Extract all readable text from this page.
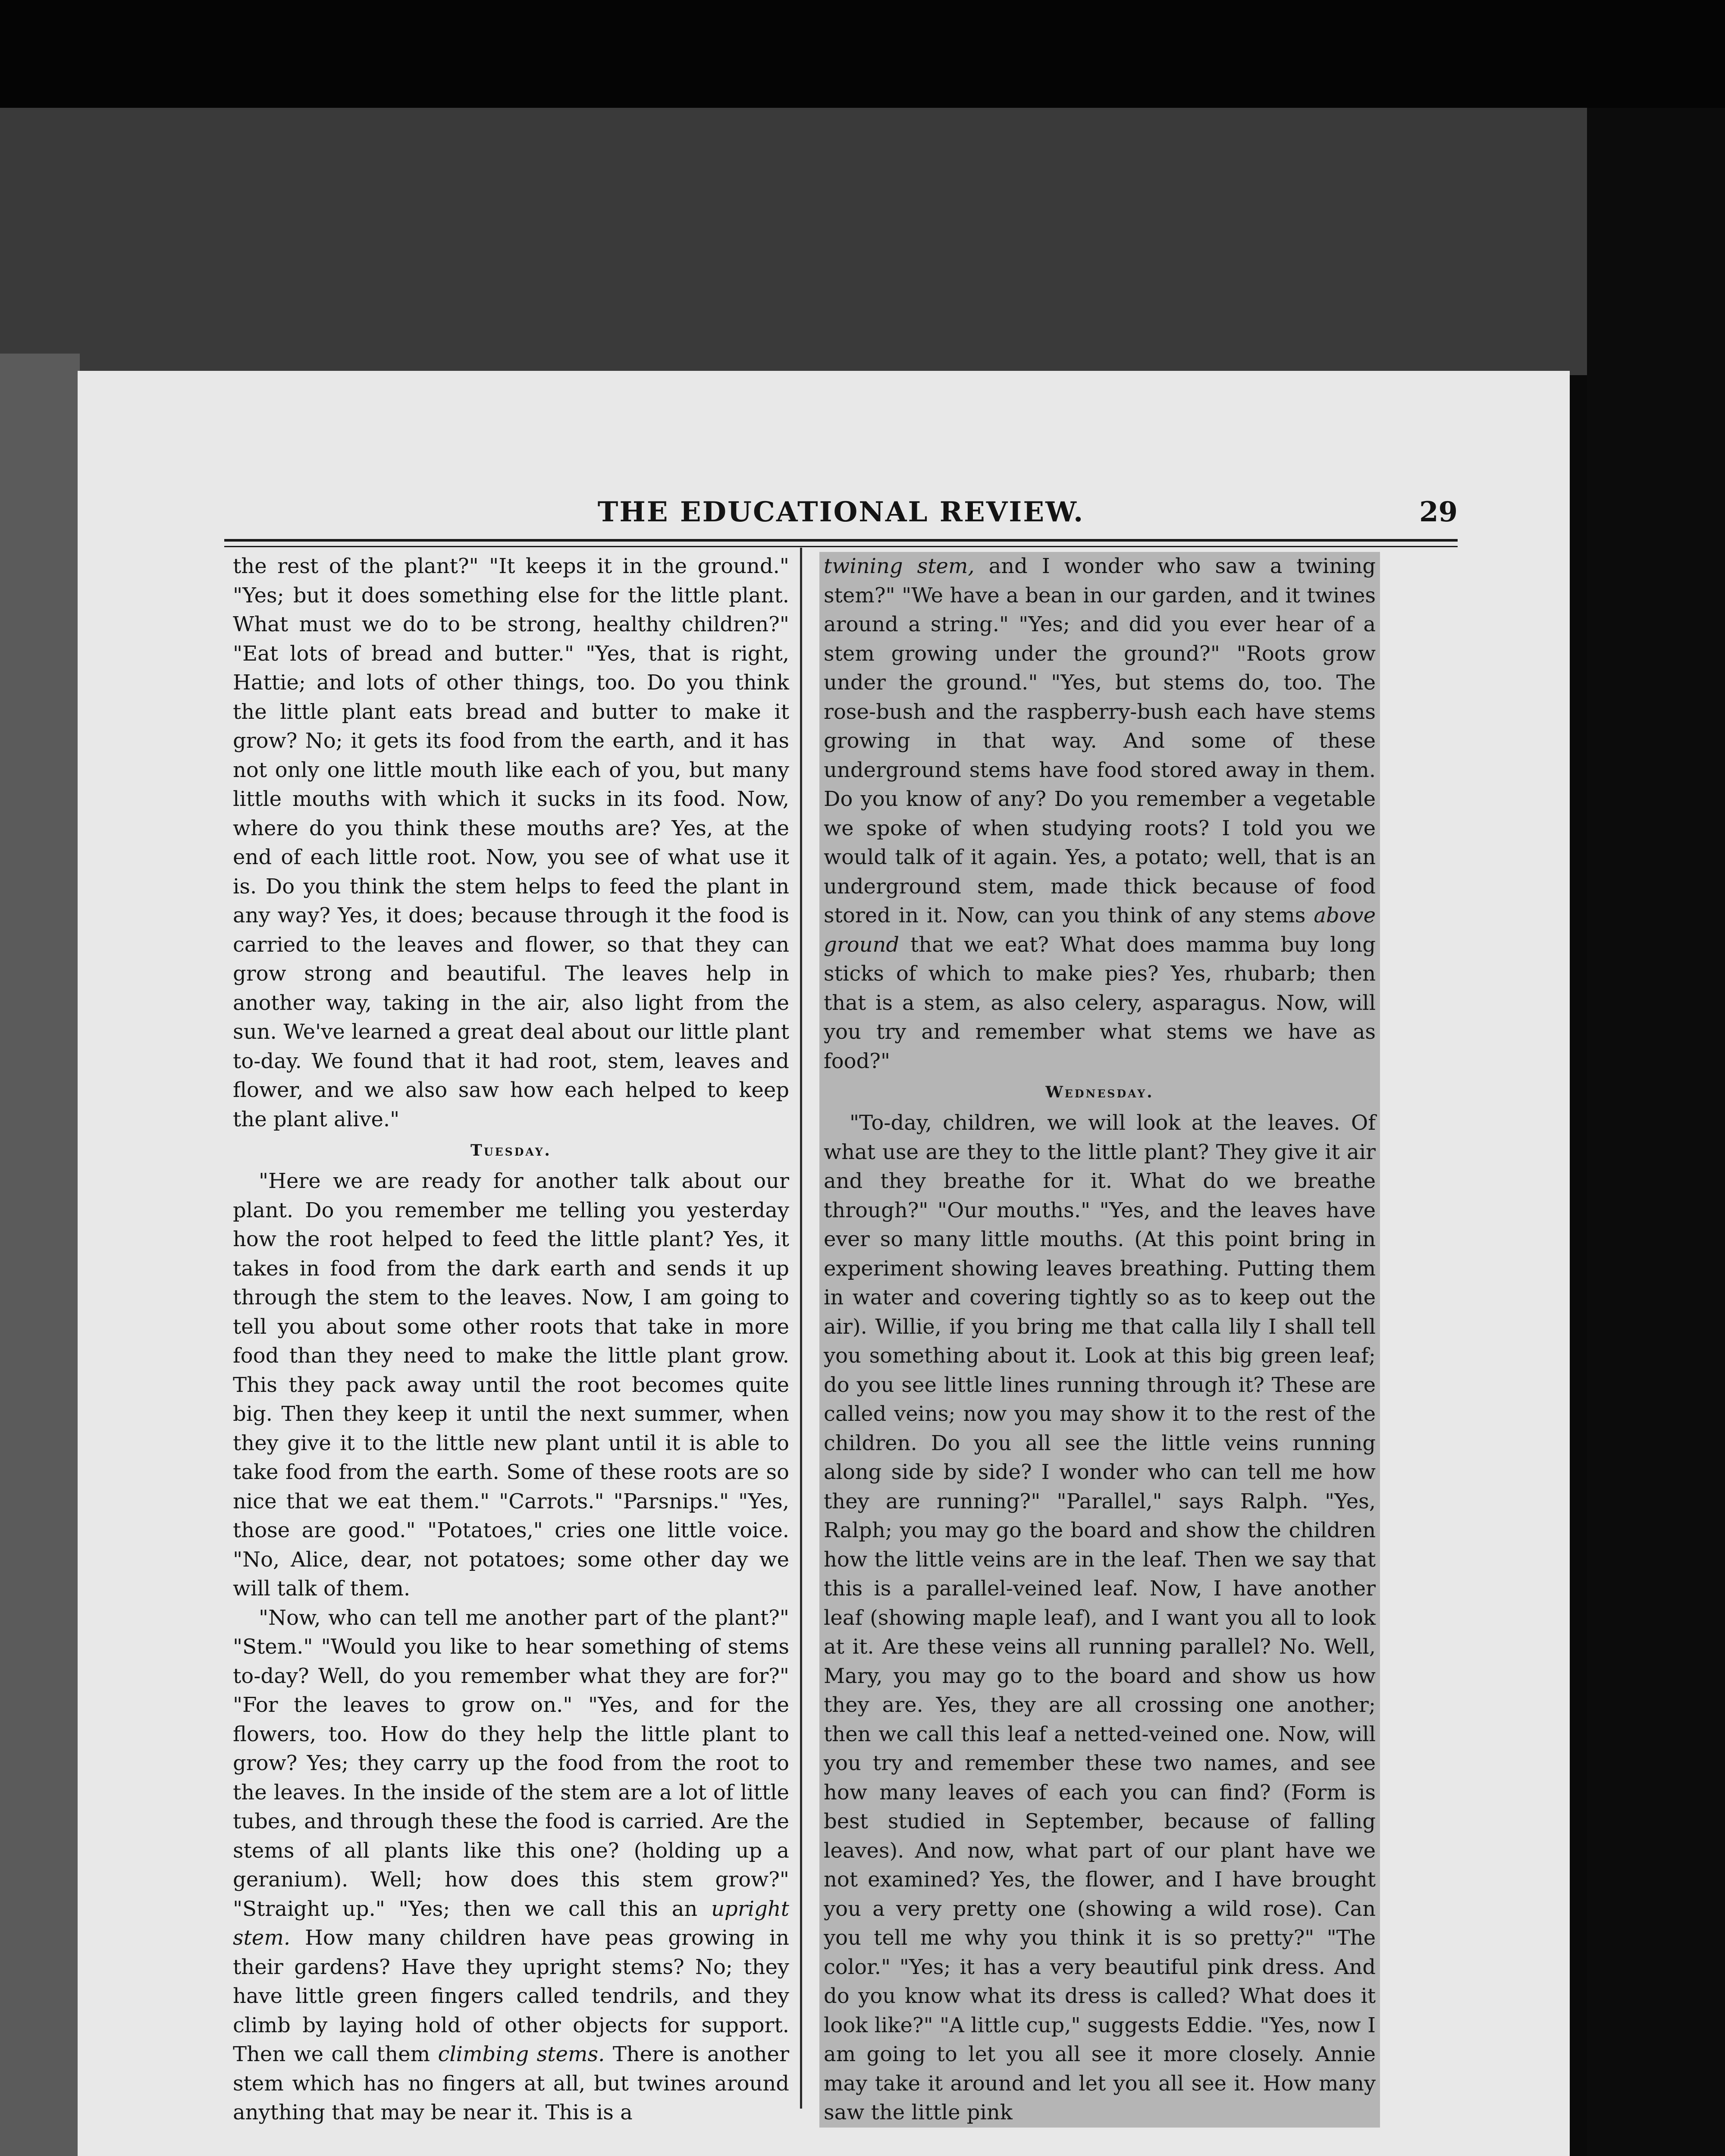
THE EDUCATIONAL REVIEW.	29

the rest of the plant?" "It keeps it in the ground." "Yes; but it does something else for the little plant. What must we do to be strong, healthy children?" "Eat lots of bread and butter." "Yes, that is right, Hattie; and lots of other things, too. Do you think the little plant eats bread and butter to make it grow? No; it gets its food from the earth, and it has not only one little mouth like each of you, but many little mouths with which it sucks in its food. Now, where do you think these mouths are? Yes, at the end of each little root. Now, you see of what use it is. Do you think the stem helps to feed the plant in any way? Yes, it does; because through it the food is carried to the leaves and flower, so that they can grow strong and beautiful. The leaves help in another way, taking in the air, also light from the sun. We've learned a great deal about our little plant to-day. We found that it had root, stem, leaves and flower, and we also saw how each helped to keep the plant alive."

Tuesday.

"Here we are ready for another talk about our plant. Do you remember me telling you yesterday how the root helped to feed the little plant? Yes, it takes in food from the dark earth and sends it up through the stem to the leaves. Now, I am going to tell you about some other roots that take in more food than they need to make the little plant grow. This they pack away until the root becomes quite big. Then they keep it until the next summer, when they give it to the little new plant until it is able to take food from the earth. Some of these roots are so nice that we eat them." "Carrots." "Parsnips." "Yes, those are good." "Potatoes," cries one little voice. "No, Alice, dear, not potatoes; some other day we will talk of them.

"Now, who can tell me another part of the plant?" "Stem." "Would you like to hear something of stems to-day? Well, do you remember what they are for?" "For the leaves to grow on." "Yes, and for the flowers, too. How do they help the little plant to grow? Yes; they carry up the food from the root to the leaves. In the inside of the stem are a lot of little tubes, and through these the food is carried. Are the stems of all plants like this one? (holding up a geranium). Well; how does this stem grow?" "Straight up." "Yes; then we call this an upright stem. How many children have peas growing in their gardens? Have they upright stems? No; they have little green fingers called tendrils, and they climb by laying hold of other objects for support. Then we call them climbing stems. There is another stem which has no fingers at all, but twines around anything that may be near it. This is a

twining stem, and I wonder who saw a twining stem?" "We have a bean in our garden, and it twines around a string." "Yes; and did you ever hear of a stem growing under the ground?" "Roots grow under the ground." "Yes, but stems do, too. The rose-bush and the raspberry-bush each have stems growing in that way. And some of these underground stems have food stored away in them. Do you know of any? Do you remember a vegetable we spoke of when studying roots? I told you we would talk of it again. Yes, a potato; well, that is an underground stem, made thick because of food stored in it. Now, can you think of any stems above ground that we eat? What does mamma buy long sticks of which to make pies? Yes, rhubarb; then that is a stem, as also celery, asparagus. Now, will you try and remember what stems we have as food?"

Wednesday.

"To-day, children, we will look at the leaves. Of what use are they to the little plant? They give it air and they breathe for it. What do we breathe through?" "Our mouths." "Yes, and the leaves have ever so many little mouths. (At this point bring in experiment showing leaves breathing. Putting them in water and covering tightly so as to keep out the air). Willie, if you bring me that calla lily I shall tell you something about it. Look at this big green leaf; do you see little lines running through it? These are called veins; now you may show it to the rest of the children. Do you all see the little veins running along side by side? I wonder who can tell me how they are running?" "Parallel," says Ralph. "Yes, Ralph; you may go the board and show the children how the little veins are in the leaf. Then we say that this is a parallel-veined leaf. Now, I have another leaf (showing maple leaf), and I want you all to look at it. Are these veins all running parallel? No. Well, Mary, you may go to the board and show us how they are. Yes, they are all crossing one another; then we call this leaf a netted-veined one. Now, will you try and remember these two names, and see how many leaves of each you can find? (Form is best studied in September, because of falling leaves). And now, what part of our plant have we not examined? Yes, the flower, and I have brought you a very pretty one (showing a wild rose). Can you tell me why you think it is so pretty?" "The color." "Yes; it has a very beautiful pink dress. And do you know what its dress is called? What does it look like?" "A little cup," suggests Eddie. "Yes, now I am going to let you all see it more closely. Annie may take it around and let you all see it. How many saw the little pink
